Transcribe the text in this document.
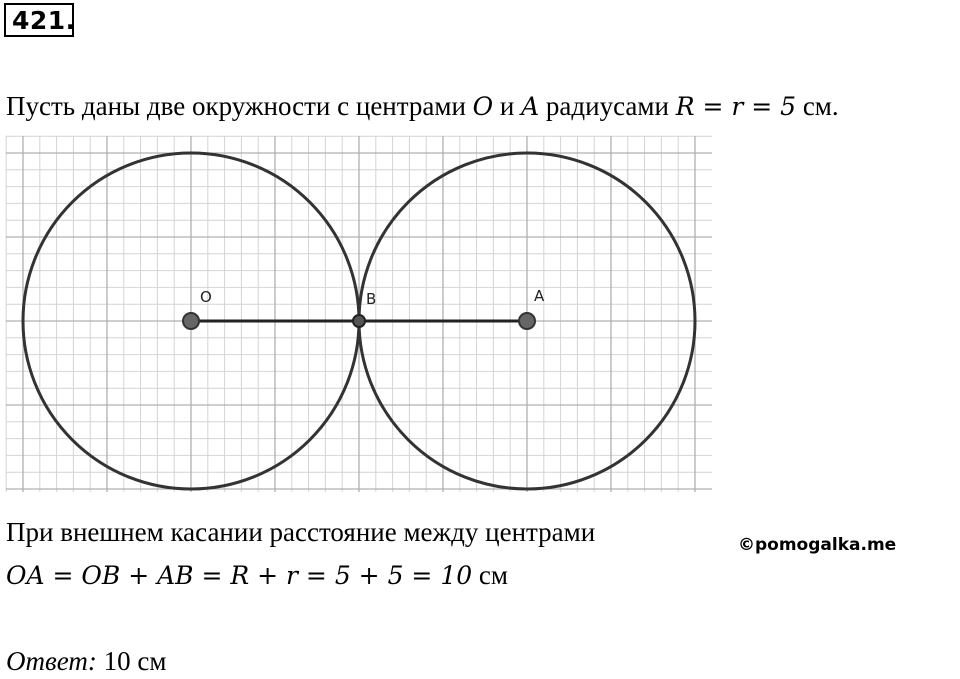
421.
Пусть даны две окружности с центрами O и A радиусами R = r = 5 см.
O	B	A
При внешнем касании расстояние между центрами	©pomogalka.me
OA = OB + AB = R + r = 5 + 5 = 10 см
Ответ: 10 см
